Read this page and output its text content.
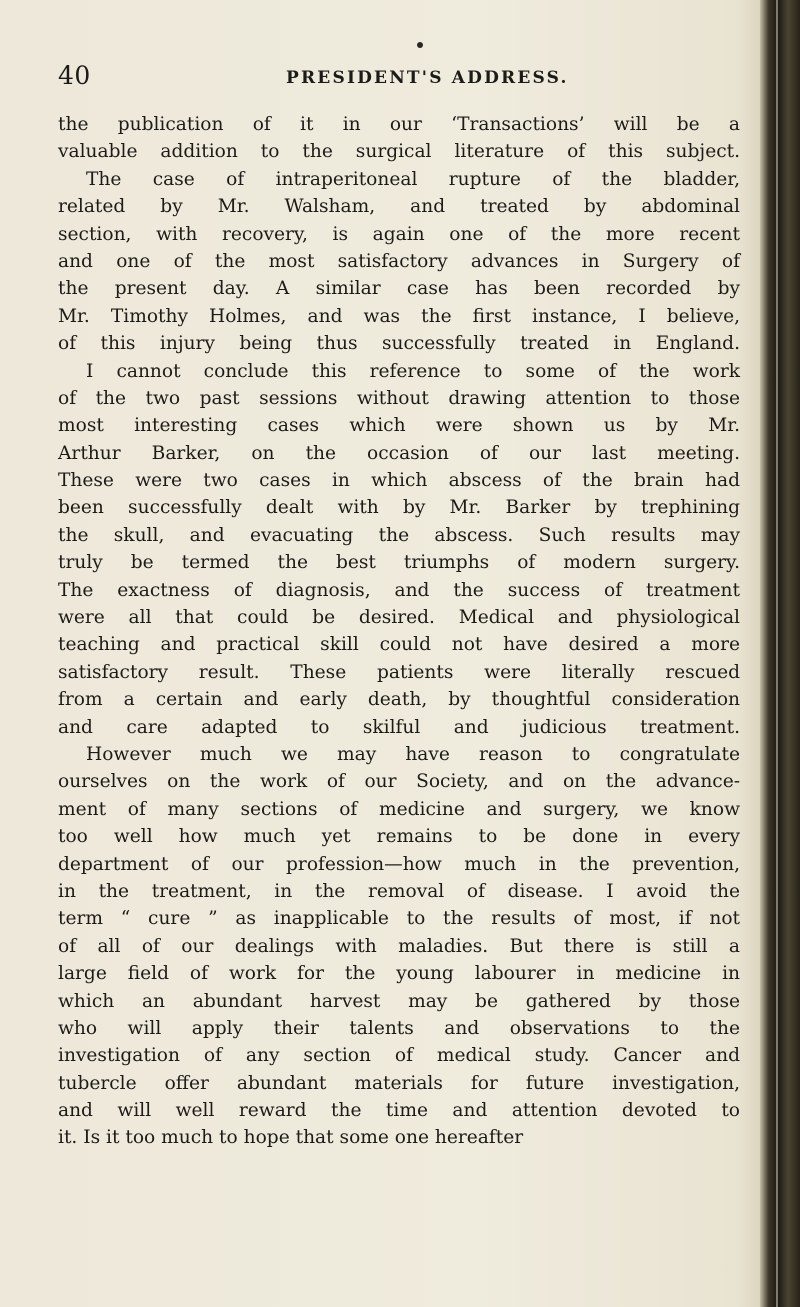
40	PRESIDENT'S ADDRESS.
the publication of it in our ‘Transactions’ will be a
valuable addition to the surgical literature of this subject.
The case of intraperitoneal rupture of the bladder,
related by Mr. Walsham, and treated by abdominal
section, with recovery, is again one of the more recent
and one of the most satisfactory advances in Surgery of
the present day. A similar case has been recorded by
Mr. Timothy Holmes, and was the first instance, I believe,
of this injury being thus successfully treated in England.
I cannot conclude this reference to some of the work
of the two past sessions without drawing attention to those
most interesting cases which were shown us by Mr.
Arthur Barker, on the occasion of our last meeting.
These were two cases in which abscess of the brain had
been successfully dealt with by Mr. Barker by trephining
the skull, and evacuating the abscess. Such results may
truly be termed the best triumphs of modern surgery.
The exactness of diagnosis, and the success of treatment
were all that could be desired. Medical and physiological
teaching and practical skill could not have desired a more
satisfactory result. These patients were literally rescued
from a certain and early death, by thoughtful consideration
and care adapted to skilful and judicious treatment.
However much we may have reason to congratulate
ourselves on the work of our Society, and on the advance-
ment of many sections of medicine and surgery, we know
too well how much yet remains to be done in every
department of our profession—how much in the prevention,
in the treatment, in the removal of disease. I avoid the
term “ cure ” as inapplicable to the results of most, if not
of all of our dealings with maladies. But there is still a
large field of work for the young labourer in medicine in
which an abundant harvest may be gathered by those
who will apply their talents and observations to the
investigation of any section of medical study. Cancer and
tubercle offer abundant materials for future investigation,
and will well reward the time and attention devoted to
it. Is it too much to hope that some one hereafter
